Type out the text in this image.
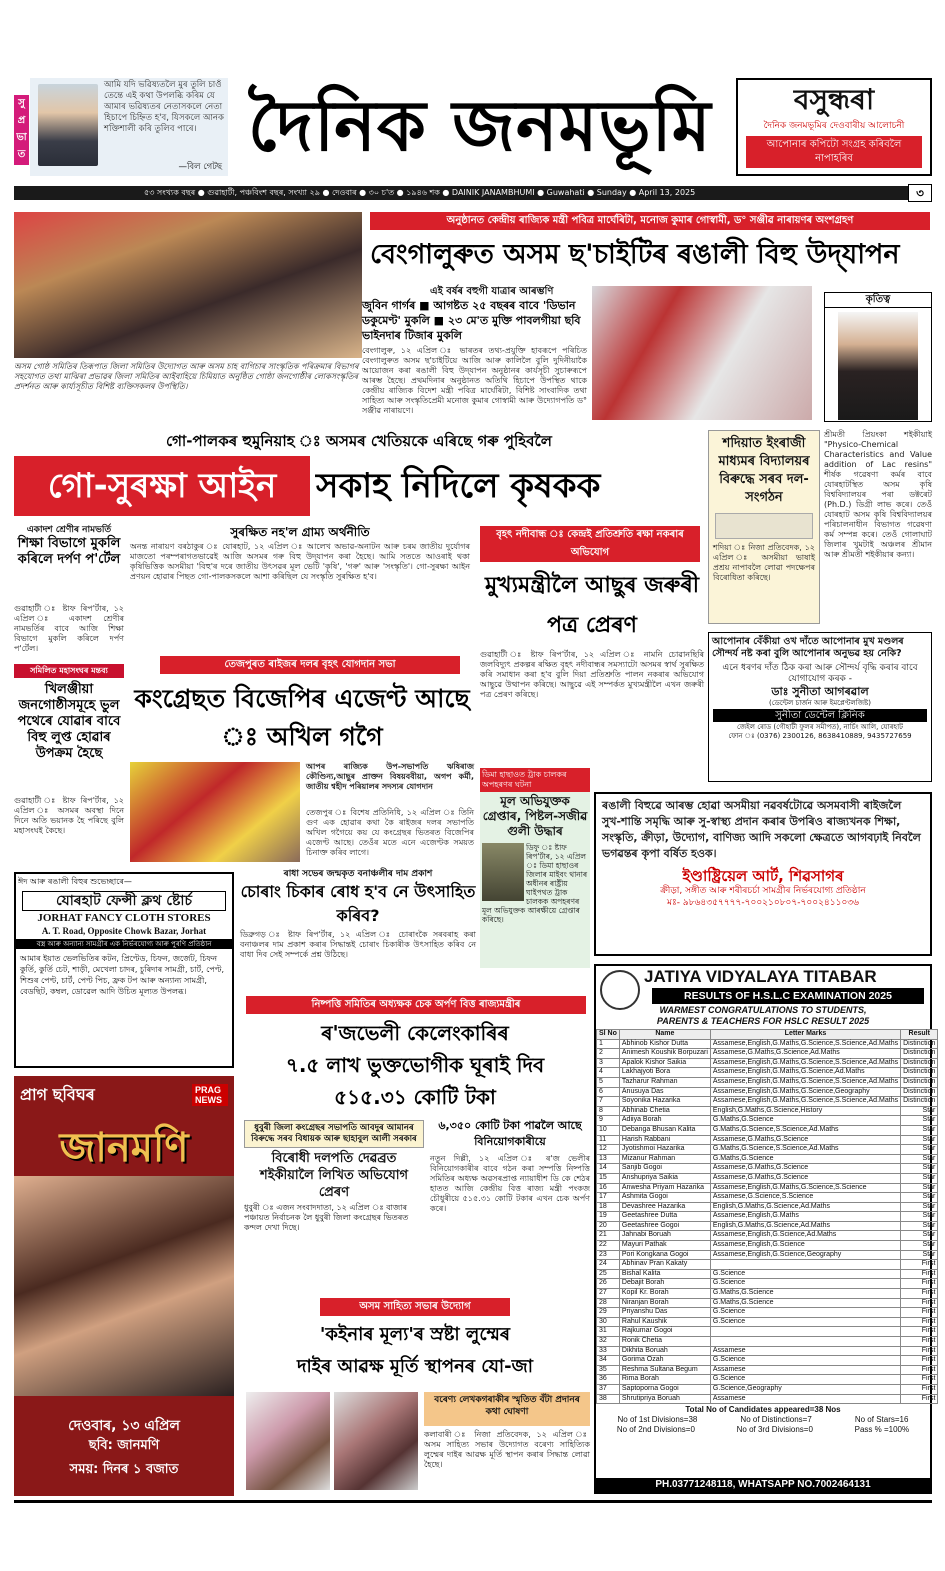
সু
প্র
ভা
ত
আমি যদি ভৱিষ্যতলৈ মুৰ তুলি চাওঁ তেন্তে এই কথা উপলব্ধি কৰিম যে আমাৰ ভৱিষ্যতৰ নেতাসকলে নেতা হিচাপে চিহ্নিত হ'ব, যিসকলে আনক শক্তিশালী কৰি তুলিব পাৰে।
—বিল গেটছ দৈনিক জনমভূমি	বসুন্ধৰা
দৈনিক জনমভূমিৰ দেওবাৰীয় আলোচনী
আপোনাৰ কপিটো সংগ্ৰহ কৰিবলৈ নাপাহৰিব
৫৩ সংখ্যক বছৰ ● গুৱাহাটী, পঞ্চবিংশ বছৰ, সংখ্যা ২৯ ● দেওবাৰ ● ৩০ চ'ত ● ১৯৪৬ শক ● DAINIK JANAMBHUMI ● Guwahati ● Sunday ● April 13, 2025	৩
অসম গোষ্ঠ সমিতিৰ তিৰূপাত জিলা সমিতিৰ উদ্যোগত আৰু অসম চাহ বাগিচাৰ সাংস্কৃতিক পৰিক্ৰমাৰ বিভাগৰ সহযোগত তথা মাঝিৰা প্ৰভাৱৰ জিলা সমিতিৰ আইবাহিয়ে চিমিয়াত অনুষ্ঠিত গোষ্ঠা জনগোষ্ঠীৰ লোকসংস্কৃতিৰ প্ৰদৰ্শনত আৰু কাৰ্য্যসূচীত বিশিষ্ট ব্যক্তিসকলৰ উপস্থিতি।
অনুষ্ঠানত কেন্দ্ৰীয় ৰাজ্যিক মন্ত্ৰী পবিত্ৰ মাৰ্ঘেৰিটা, মনোজ কুমাৰ গোস্বামী, ড° সঞ্জীৱ নাৰায়ণৰ অংশগ্ৰহণ
বেংগালুৰুত অসম ছ'চাইটিৰ ৰঙালী বিহু উদ্‌যাপন
এই বৰ্ষৰ বহুগী যাত্ৰাৰ আৰম্ভণি
জুবিন গাৰ্গৰ ■ আগষ্টত ২৫ বছৰৰ বাবে 'ডিভান ডকুমেণ্ট' মুকলি ■ ২৩ মে'ত মুক্তি পাবলগীয়া ছবি ভাইনদাৰ টিজাৰ মুকলি
বেংগালুৰু, ১২ এপ্ৰিল ঃ ভাৰতৰ তথ্য-প্ৰযুক্তি হাবৰূপে পৰিচিত বেংগালুৰুত অসম ছ'চাইটিয়ে আজি আৰু কালিলৈ বুলি দুদিনীয়াকৈ আয়োজন কৰা ৰঙালী বিহু উদ্‌যাপন অনুষ্ঠানৰ কাৰ্যসূচী সুচাৰুৰূপে আৰম্ভ হৈছে। প্ৰথমদিনাৰ অনুষ্ঠানত অতিথি হিচাপে উপস্থিত থাকে কেন্দ্ৰীয় ৰাজ্যিক বিদেশ মন্ত্ৰী পবিত্ৰ মাৰ্ঘেৰিটা, বিশিষ্ট সাংবাদিক তথা সাহিত্য আৰু সংস্কৃতিপ্ৰেমী মনোজ কুমাৰ গোস্বামী আৰু উদ্যোগপতি ড° সঞ্জীৱ নাৰায়ণে।
কৃতিত্ব
শ্ৰীমতী প্ৰিয়ংকা শইকীয়াই "Physico-Chemical Characteristics and Value addition of Lac resins" শীৰ্ষক গৱেষণা কৰ্মৰ বাবে যোৰহাটস্থিত অসম কৃষি বিশ্ববিদ্যালয়ৰ পৰা ডক্টৰেট (Ph.D.) ডিগ্ৰী লাভ কৰে। তেওঁ যোৰহাট অসম কৃষি বিশ্ববিদ্যালয়ৰ পৰিচালনাধীন বিভাগত গৱেষণা কৰ্ম সম্পন্ন কৰে। তেওঁ গোলাঘাট জিলাৰ খুমটাই অঞ্চলৰ শ্ৰীমান আৰু শ্ৰীমতী শইকীয়াৰ কন্যা।
গো-পালকৰ হুমুনিয়াহ ঃ অসমৰ খেতিয়কে এৰিছে গৰু পুহিবলৈ
গো-সুৰক্ষা আইন	সকাহ নিদিলে কৃষকক
শদিয়াত ইংৰাজী মাধ্যমৰ বিদ্যালয়ৰ বিৰুদ্ধে সৰব দল-সংগঠন
শদিয়া ঃ নিজা প্ৰতিবেদক, ১২ এপ্ৰিল ঃ অসমীয়া ভাষাই প্ৰশ্ৰয় নাপাবলৈ লোৱা পদক্ষেপৰ বিৰোধিতা কৰিছে।
একাদশ শ্ৰেণীৰ নামভৰ্তি
শিক্ষা বিভাগে মুকলি কৰিলে দৰ্পণ প'ৰ্টেল
গুৱাহাটী ঃ ষ্টাফ ৰিপ'ৰ্টাৰ, ১২ এপ্ৰিল ঃ একাদশ শ্ৰেণীৰ নামভৰ্তিৰ বাবে আজি শিক্ষা বিভাগে মুকলি কৰিলে দৰ্পণ প'ৰ্টেল।
সমিলিত মহাসংঘৰ মন্তব্য
খিলঞ্জীয়া জনগোষ্ঠীসমূহে ভুল পথেৰে যোৱাৰ বাবে বিহু লুপ্ত হোৱাৰ উপক্ৰম হৈছে
গুৱাহাটী ঃ ষ্টাফ ৰিপ'ৰ্টাৰ, ১২ এপ্ৰিল ঃ অসমৰ অবস্থা দিনে দিনে অতি ভয়ানক হৈ পৰিছে বুলি মহাসংঘই কৈছে।
সুৰক্ষিত নহ'ল গ্ৰাম্য অৰ্থনীতি
অনন্ত নাৰায়ণ বৰঠাকুৰ ঃ যোৰহাট, ১২ এপ্ৰিল ঃ আলেখ অভাৱ-অনাটন আৰু চৰম জাতীয় দুৰ্যোগৰ মাজতো পৰম্পৰাগতভাৱেই আজি অসমৰ গৰু বিহু উদ্‌যাপন কৰা হৈছে। আমি সততে আওৰাই থকা কৃষিভিত্তিক অসমীয়া 'বিহু'ৰ দৰে জাতীয় উৎসৱৰ মূল ভেটি 'কৃষি', 'গৰু' আৰু 'সংস্কৃতি'। গো-সুৰক্ষা আইন প্ৰণয়ন হোৱাৰ পিছত গো-পালকসকলে আশা কৰিছিল যে সংস্কৃতি সুৰক্ষিত হ'ব।
বৃহৎ নদীবান্ধ ঃ কেন্দ্ৰই প্ৰতিশ্ৰুতি ৰক্ষা নকৰাৰ অভিযোগ
মুখ্যমন্ত্ৰীলৈ আছুৰ জৰুৰী পত্ৰ প্ৰেৰণ
গুৱাহাটী ঃ ষ্টাফ ৰিপ'ৰ্টাৰ, ১২ এপ্ৰিল ঃ নামনি চোৱানছিৰি জলবিদ্যুৎ প্ৰকল্পৰ ৰক্ষিত বৃহৎ নদীবান্ধৰ সমস্যাটো অসমৰ স্বাৰ্থ সুৰক্ষিত কৰি সমাধান কৰা হ'ব বুলি দিয়া প্ৰতিশ্ৰুতি পালন নকৰাৰ অভিযোগ আছুৱে উত্থাপন কৰিছে। আছুৱে এই সম্পৰ্কত মুখ্যমন্ত্ৰীলৈ এখন জৰুৰী পত্ৰ প্ৰেৰণ কৰিছে।
তেজপুৰত ৰাইজৰ দলৰ বৃহৎ যোগদান সভা
কংগ্ৰেছত বিজেপিৰ এজেণ্ট আছে ঃ অখিল গগৈ
আপৰ ৰাজ্যিক উপ-সভাপতি ঋষিৰাজ কৌণ্ডিন্য,আছুৰ প্ৰাক্তন বিষয়ববীয়া, অগপ কৰ্মী, জাতীয় শ্বহীদ পৰিয়ালৰ সদস্যৰ যোগদান
তেজপুৰ ঃ বিশেষ প্ৰতিনিধি, ১২ এপ্ৰিল ঃ তিনি গুণ এক হোৱাৰ কথা কৈ ৰাইজৰ দলৰ সভাপতি অখিল গগৈয়ে কয় যে কংগ্ৰেছৰ ভিতৰত বিজেপিৰ এজেণ্ট আছে। তেওঁৰ মতে এনে এজেণ্টক সময়ত চিনাক্ত কৰিব লাগে।
আপোনাৰ বেঁকীয়া ওখ দাঁতে আপোনাৰ মুখ মণ্ডলৰ সৌন্দৰ্য নষ্ট কৰা বুলি আপোনাৰ অনুভৱ হয় নেকি?
এনে ধৰণৰ দাঁত ঠিক কৰা আৰু সৌন্দৰ্য বৃদ্ধি কৰাৰ বাবে যোগাযোগ কৰক -
ডাঃ সুনীতা আগৰৱাল
(ডেন্টেল চাৰ্জন আৰু ইমপ্লেণ্টলজিষ্ট)
সুনীতা ডেন্টেল ক্লিনিক
জেইল ৰোড (গৌহাটী ফুলৰ সমীপত), নাৰ্চিং আলি, যোৰহাট
ফোন ঃ (0376) 2300126, 8638410889, 9435727659
ডিমা হাছাওত ট্ৰাক চালকৰ অপহৰণৰ ঘটনা
মূল অভিযুক্তক গ্ৰেপ্তাৰ, পিষ্টল-সজীৱ গুলী উদ্ধাৰ
ডিফু ঃ ষ্টাফ ৰিপ'ৰ্টাৰ, ১২ এপ্ৰিল ঃ ডিমা হাছাওৰ জিলাৰ মাইবং থানাৰ অধীনৰ ৰাষ্ট্ৰীয় ঘাইপথত ট্ৰাক চালকক অপহৰণৰ মূল অভিযুক্তক আৰক্ষীয়ে গ্ৰেপ্তাৰ কৰিছে।
ৰাধা সভেৰ জন্মকৃত বনাঞ্চলীৰ দাম প্ৰকাশ
চোৰাং চিকাৰ ৰোধ হ'ব নে উৎসাহিত কৰিব?
ডিব্ৰুগড় ঃ ষ্টাফ ৰিপ'ৰ্টাৰ, ১২ এপ্ৰিল ঃ চোৰাংকৈ সৰবৰাহ কৰা বনাঞ্চলৰ দাম প্ৰকাশ কৰাৰ সিদ্ধান্তই চোৰাং চিকাৰীক উৎসাহিত কৰিব নে বাধা দিব সেই সম্পৰ্কে প্ৰশ্ন উঠিছে।
ৰঙালী বিহুৱে আৰম্ভ হোৱা অসমীয়া নৱবৰ্ষটোৱে অসমবাসী ৰাইজলৈ সুখ-শান্তি সমৃদ্ধি আৰু সু-স্বাস্থ্য প্ৰদান কৰাৰ উপৰিও ৰাজ্যখনক শিক্ষা, সংস্কৃতি, ক্ৰীড়া, উদ্যোগ, বাণিজ্য আদি সকলো ক্ষেত্ৰতে আগবঢ়াই নিবলৈ ভগৱন্তৰ কৃপা বৰ্ষিত হওক।
ইণ্ডাষ্ট্ৰিয়েল আৰ্ট, শিৱসাগৰ
ক্ৰীড়া, সঙ্গীত আৰু শৰীৰচৰ্চা সামগ্ৰীৰ নিৰ্ভৰযোগ্য প্ৰতিষ্ঠান
মঃ- ৯৮৬৪৩৫৭৭৭৭-৭০০২১০৮০৭-৭০০২৪১১০৩৬
ঈদ আৰু ৰঙালী বিহুৰ শুভেচ্ছাৰে—
যোৰহাট ফেন্সী ক্লথ ষ্টোৰ্চ
JORHAT FANCY CLOTH STORES
A. T. Road, Opposite Chowk Bazar, Jorhat
বস্ত্ৰ আৰু অন্যান্য সামগ্ৰীৰ এক নিৰ্ভৰযোগ্য আৰু পুৰণি প্ৰতিষ্ঠান
আমাৰ ইয়াত ভেলভিতিৰ কটন, প্ৰিণ্টেড, চিফন, জৰ্জেট, চিফন কুৰ্তি, কুৰ্তি চেট, শাড়ী, মেখেলা চাদৰ, চুৰিদাৰ সামগ্ৰী, চাৰ্ট, পেণ্ট, শিশুৰ পেণ্ট, চাৰ্ট, পেণ্ট পিচ, ফ্ৰক টপ আৰু অন্যান্য সামগ্ৰী, বেডছিট, কম্বল, ডোৱেল আদি উচিত মূল্যত উপলব্ধ।
প্ৰাগ ছবিঘৰ	PRAG NEWS
জানমণি
দেওবাৰ, ১৩ এপ্ৰিল
ছবি: জানমণি
সময়: দিনৰ ১ বজাত
নিষ্পত্তি সমিতিৰ অধ্যক্ষক চেক অৰ্পণ বিত্ত ৰাজ্যমন্ত্ৰীৰ
ৰ'জভেলী কেলেংকাৰিৰ
৭.৫ লাখ ভুক্তভোগীক ঘূৰাই দিব
৫১৫.৩১ কোটি টকা
৬,৩৫০ কোটি টকা পাৱলৈ আছে বিনিয়োগকাৰীয়ে
নতুন দিল্লী, ১২ এপ্ৰিল ঃ ৰ'জ ভেলীৰ বিনিয়োগকাৰীৰ বাবে গঠন কৰা সম্পত্তি নিষ্পত্তি সমিতিৰ অধ্যক্ষ অৱসৰপ্ৰাপ্ত ন্যায়াধীশ ডি কে শেঠৰ হাতত আজি কেন্দ্ৰীয় বিত্ত ৰাজ্য মন্ত্ৰী পংকজ চৌধুৰীয়ে ৫১৫.৩১ কোটি টকাৰ এখন চেক অৰ্পণ কৰে।
ধুবুৰী জিলা কংগ্ৰেছৰ সভাপতি আবদুৰ আমানৰ বিৰুদ্ধে সৰব বিধায়ক আৰু ছাহাবুল আলী সৰকাৰ
বিৰোধী দলপতি দেৱব্ৰত শইকীয়ালৈ লিখিত অভিযোগ প্ৰেৰণ
ধুবুৰী ঃ এজন সংবাদদাতা, ১২ এপ্ৰিল ঃ বাজাৰ পঞ্চায়ত নিৰ্বাচনক লৈ ধুবুৰী জিলা কংগ্ৰেছৰ ভিতৰত কন্দল দেখা দিছে।
অসম সাহিত্য সভাৰ উদ্যোগ
'কইনাৰ মূল্য'ৰ স্ৰষ্টা লুম্মেৰ
দাইৰ আৱক্ষ মূৰ্তি স্থাপনৰ যো-জা
বৰেণ্য লেখকগৰাকীৰ স্মৃতিত বঁটা প্ৰদানৰ কথা ঘোষণা
কলাবাৰী ঃ নিজা প্ৰতিবেদক, ১২ এপ্ৰিল ঃ অসম সাহিত্য সভাৰ উদ্যোগত বৰেণ্য সাহিত্যিক লুম্মেৰ দাইৰ আৱক্ষ মূৰ্তি স্থাপন কৰাৰ সিদ্ধান্ত লোৱা হৈছে।
JATIYA VIDYALAYA TITABAR
RESULTS OF H.S.L.C EXAMINATION 2025
WARMEST CONGRATULATIONS TO STUDENTS,
PARENTS & TEACHERS FOR HSLC RESULT 2025
Sl No	Name	Letter Marks	Result
1	Abhinob Kishor Dutta	Assamese,English,G.Maths,G.Science,S.Science,Ad.Maths	Distinction
2	Animesh Koushik Borpuzari	Assamese,G.Maths,G.Science,Ad.Maths	Distinction
3	Apalok Kishor Saikia	Assamese,English,G.Maths,G.Science,S.Science,Ad.Maths	Distinction
4	Lakhajyoti Bora	Assamese,English,G.Maths,G.Science,Ad.Maths	Distinction
5	Tazharur Rahman	Assamese,English,G.Maths,G.Science,S.Science,Ad.Maths	Distinction
6	Anusuya Das	Assamese,English,G.Maths,G.Science,Geography	Distinction
7	Soyonika Hazarika	Assamese,English,G.Maths,G.Science,S.Science,Ad.Maths	Distinction
8	Abhinab Chetia	English,G.Maths,G.Science,History	Star
9	Adiiya Borah	G.Maths,G.Science	Star
10	Debanga Bhusan Kalita	G.Maths,G.Science,S.Science,Ad.Maths	Star
11	Harish Rabbani	Assamese,G.Maths,G.Science	Star
12	Jyotishmoi Hazarika	G.Maths,G.Science,S.Science,Ad.Maths	Star
13	Mizanur Rahman	G.Maths,G.Science	Star
14	Sanjib Gogoi	Assamese,G.Maths,G.Science	Star
15	Anshupriya Saikia	Assamese,G.Maths,G.Science	Star
16	Anwesha Priyam Hazarika	Assamese,English,G.Maths,G.Science,S.Science	Star
17	Ashmita Gogoi	Assamese,G.Science,S.Science	Star
18	Devashree Hazarika	English,G.Maths,G.Science,Ad.Maths	Star
19	Geetashree Dutta	Assamese,English,G.Maths	Star
20	Geetashree Gogoi	English,G.Maths,G.Science,Ad.Maths	Star
21	Jahnabi Boruah	Assamese,English,G.Science,Ad.Maths	Star
22	Mayuri Pathak	Assamese,English,G.Science	Star
23	Pori Kongkana Gogoi	Assamese,English,G.Science,Geography	Star
24	Abhinav Pran Kakaty		First
25	Bishal Kalita	G.Science	First
26	Debajit Borah	G.Science	First
27	Kopil Kr. Borah	G.Maths,G.Science	First
28	Niranjan Borah	G.Maths,G.Science	First
29	Priyanshu Das	G.Science	First
30	Rahul Kaushik	G.Science	First
31	Rajkumar Gogoi		First
32	Ronik Chetia		First
33	Dikhita Boruah	Assamese	First
34	Gorima Ozah	G.Science	First
35	Reshma Sultana Begum	Assamese	First
36	Rima Borah	G.Science	First
37	Saptoporna Gogoi	G.Science,Geography	First
38	Shrutipriya Boruah	Assamese	First
Total No of Candidates appeared=38 Nos
No of 1st Divisions=38	No of Distinctions=7	No of Stars=16
No of 2nd Divisions=0	No of 3rd Divisions=0	Pass % =100%
PH.03771248118, WHATSAPP NO.7002464131
